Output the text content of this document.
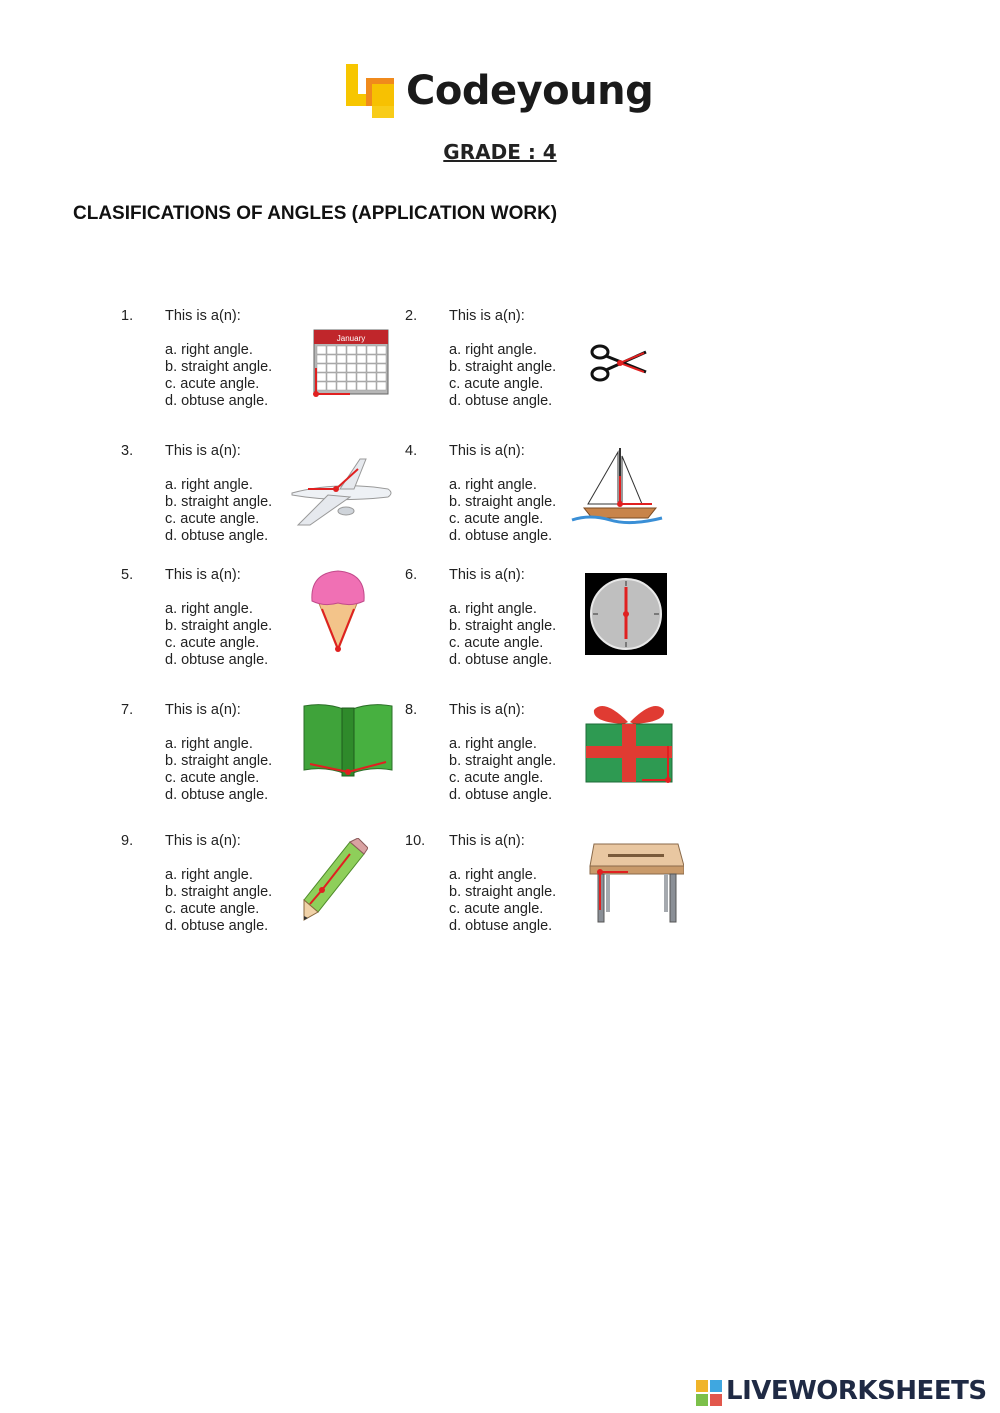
Codeyoung
GRADE : 4
CLASIFICATIONS OF ANGLES (APPLICATION WORK)
1. This is a(n):
a. right angle.
b. straight angle.
c. acute angle.
d. obtuse angle.
January
2. This is a(n):
a. right angle.
b. straight angle.
c. acute angle.
d. obtuse angle.
3. This is a(n):
a. right angle.
b. straight angle.
c. acute angle.
d. obtuse angle.
4. This is a(n):
a. right angle.
b. straight angle.
c. acute angle.
d. obtuse angle.
5. This is a(n):
a. right angle.
b. straight angle.
c. acute angle.
d. obtuse angle.
6. This is a(n):
a. right angle.
b. straight angle.
c. acute angle.
d. obtuse angle.
7. This is a(n):
a. right angle.
b. straight angle.
c. acute angle.
d. obtuse angle.
8. This is a(n):
a. right angle.
b. straight angle.
c. acute angle.
d. obtuse angle.
9. This is a(n):
a. right angle.
b. straight angle.
c. acute angle.
d. obtuse angle.
10. This is a(n):
a. right angle.
b. straight angle.
c. acute angle.
d. obtuse angle.
LIVEWORKSHEETS
